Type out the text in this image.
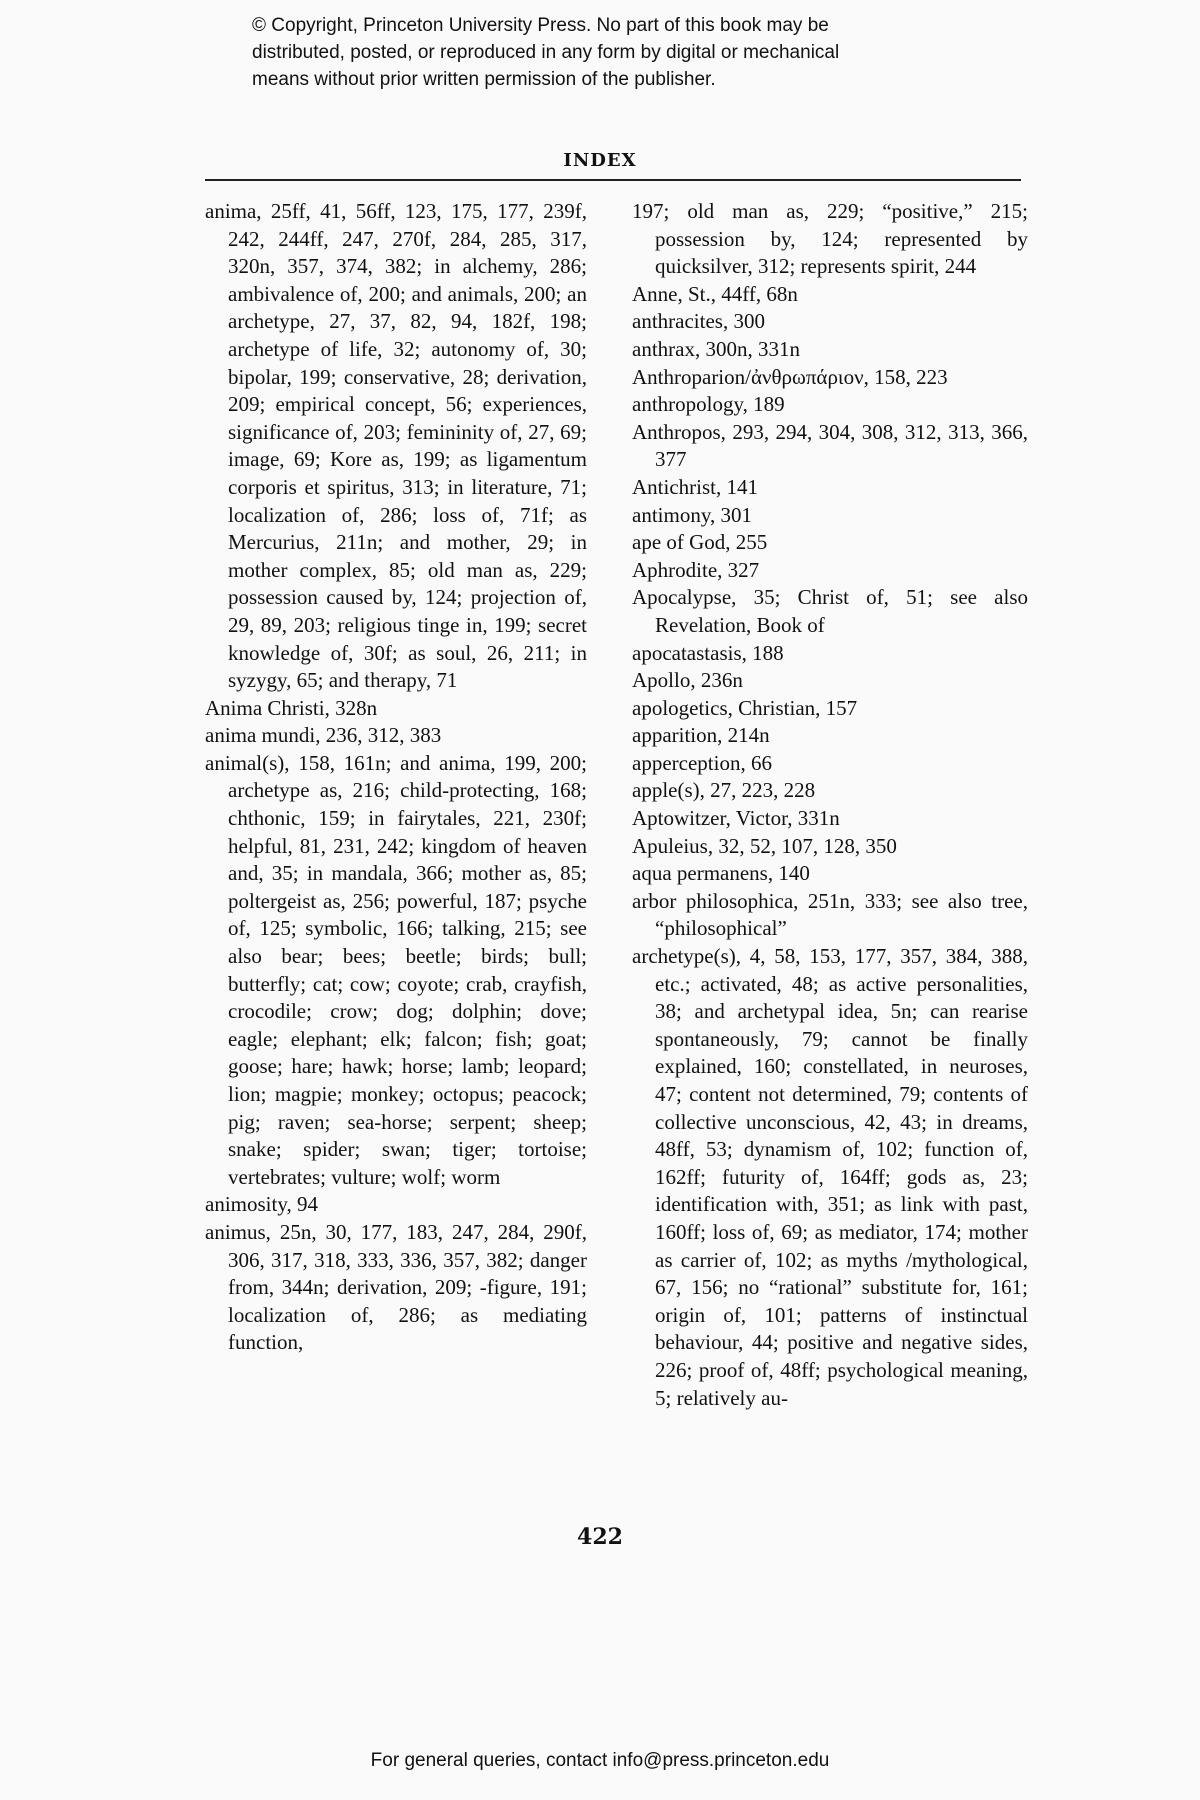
© Copyright, Princeton University Press. No part of this book may be
distributed, posted, or reproduced in any form by digital or mechanical
means without prior written permission of the publisher.
INDEX

anima, 25ff, 41, 56ff, 123, 175, 177, 239f, 242, 244ff, 247, 270f, 284, 285, 317, 320n, 357, 374, 382; in alchemy, 286; ambivalence of, 200; and animals, 200; an archetype, 27, 37, 82, 94, 182f, 198; archetype of life, 32; autonomy of, 30; bipolar, 199; conservative, 28; derivation, 209; empirical concept, 56; experiences, significance of, 203; femininity of, 27, 69; image, 69; Kore as, 199; as ligamentum corporis et spiritus, 313; in literature, 71; localization of, 286; loss of, 71f; as Mercurius, 211n; and mother, 29; in mother complex, 85; old man as, 229; possession caused by, 124; projection of, 29, 89, 203; religious tinge in, 199; secret knowledge of, 30f; as soul, 26, 211; in syzygy, 65; and therapy, 71

Anima Christi, 328n

anima mundi, 236, 312, 383

animal(s), 158, 161n; and anima, 199, 200; archetype as, 216; child-protecting, 168; chthonic, 159; in fairytales, 221, 230f; helpful, 81, 231, 242; kingdom of heaven and, 35; in mandala, 366; mother as, 85; poltergeist as, 256; powerful, 187; psyche of, 125; symbolic, 166; talking, 215; see also bear; bees; beetle; birds; bull; butterfly; cat; cow; coyote; crab, crayfish, crocodile; crow; dog; dolphin; dove; eagle; elephant; elk; falcon; fish; goat; goose; hare; hawk; horse; lamb; leopard; lion; magpie; monkey; octopus; peacock; pig; raven; sea-horse; serpent; sheep; snake; spider; swan; tiger; tortoise; vertebrates; vulture; wolf; worm

animosity, 94

animus, 25n, 30, 177, 183, 247, 284, 290f, 306, 317, 318, 333, 336, 357, 382; danger from, 344n; derivation, 209; -figure, 191; localization of, 286; as mediating function,

197; old man as, 229; “positive,” 215; possession by, 124; represented by quicksilver, 312; represents spirit, 244

Anne, St., 44ff, 68n

anthracites, 300

anthrax, 300n, 331n

Anthroparion/ἀνθρωπάριον, 158, 223

anthropology, 189

Anthropos, 293, 294, 304, 308, 312, 313, 366, 377

Antichrist, 141

antimony, 301

ape of God, 255

Aphrodite, 327

Apocalypse, 35; Christ of, 51; see also Revelation, Book of

apocatastasis, 188

Apollo, 236n

apologetics, Christian, 157

apparition, 214n

apperception, 66

apple(s), 27, 223, 228

Aptowitzer, Victor, 331n

Apuleius, 32, 52, 107, 128, 350

aqua permanens, 140

arbor philosophica, 251n, 333; see also tree, “philosophical”

archetype(s), 4, 58, 153, 177, 357, 384, 388, etc.; activated, 48; as active personalities, 38; and archetypal idea, 5n; can rearise spontaneously, 79; cannot be finally explained, 160; constellated, in neuroses, 47; content not determined, 79; contents of collective unconscious, 42, 43; in dreams, 48ff, 53; dynamism of, 102; function of, 162ff; futurity of, 164ff; gods as, 23; identification with, 351; as link with past, 160ff; loss of, 69; as mediator, 174; mother as carrier of, 102; as myths /mythological, 67, 156; no “rational” substitute for, 161; origin of, 101; patterns of instinctual behaviour, 44; positive and negative sides, 226; proof of, 48ff; psychological meaning, 5; relatively au-

422
For general queries, contact info@press.princeton.edu
